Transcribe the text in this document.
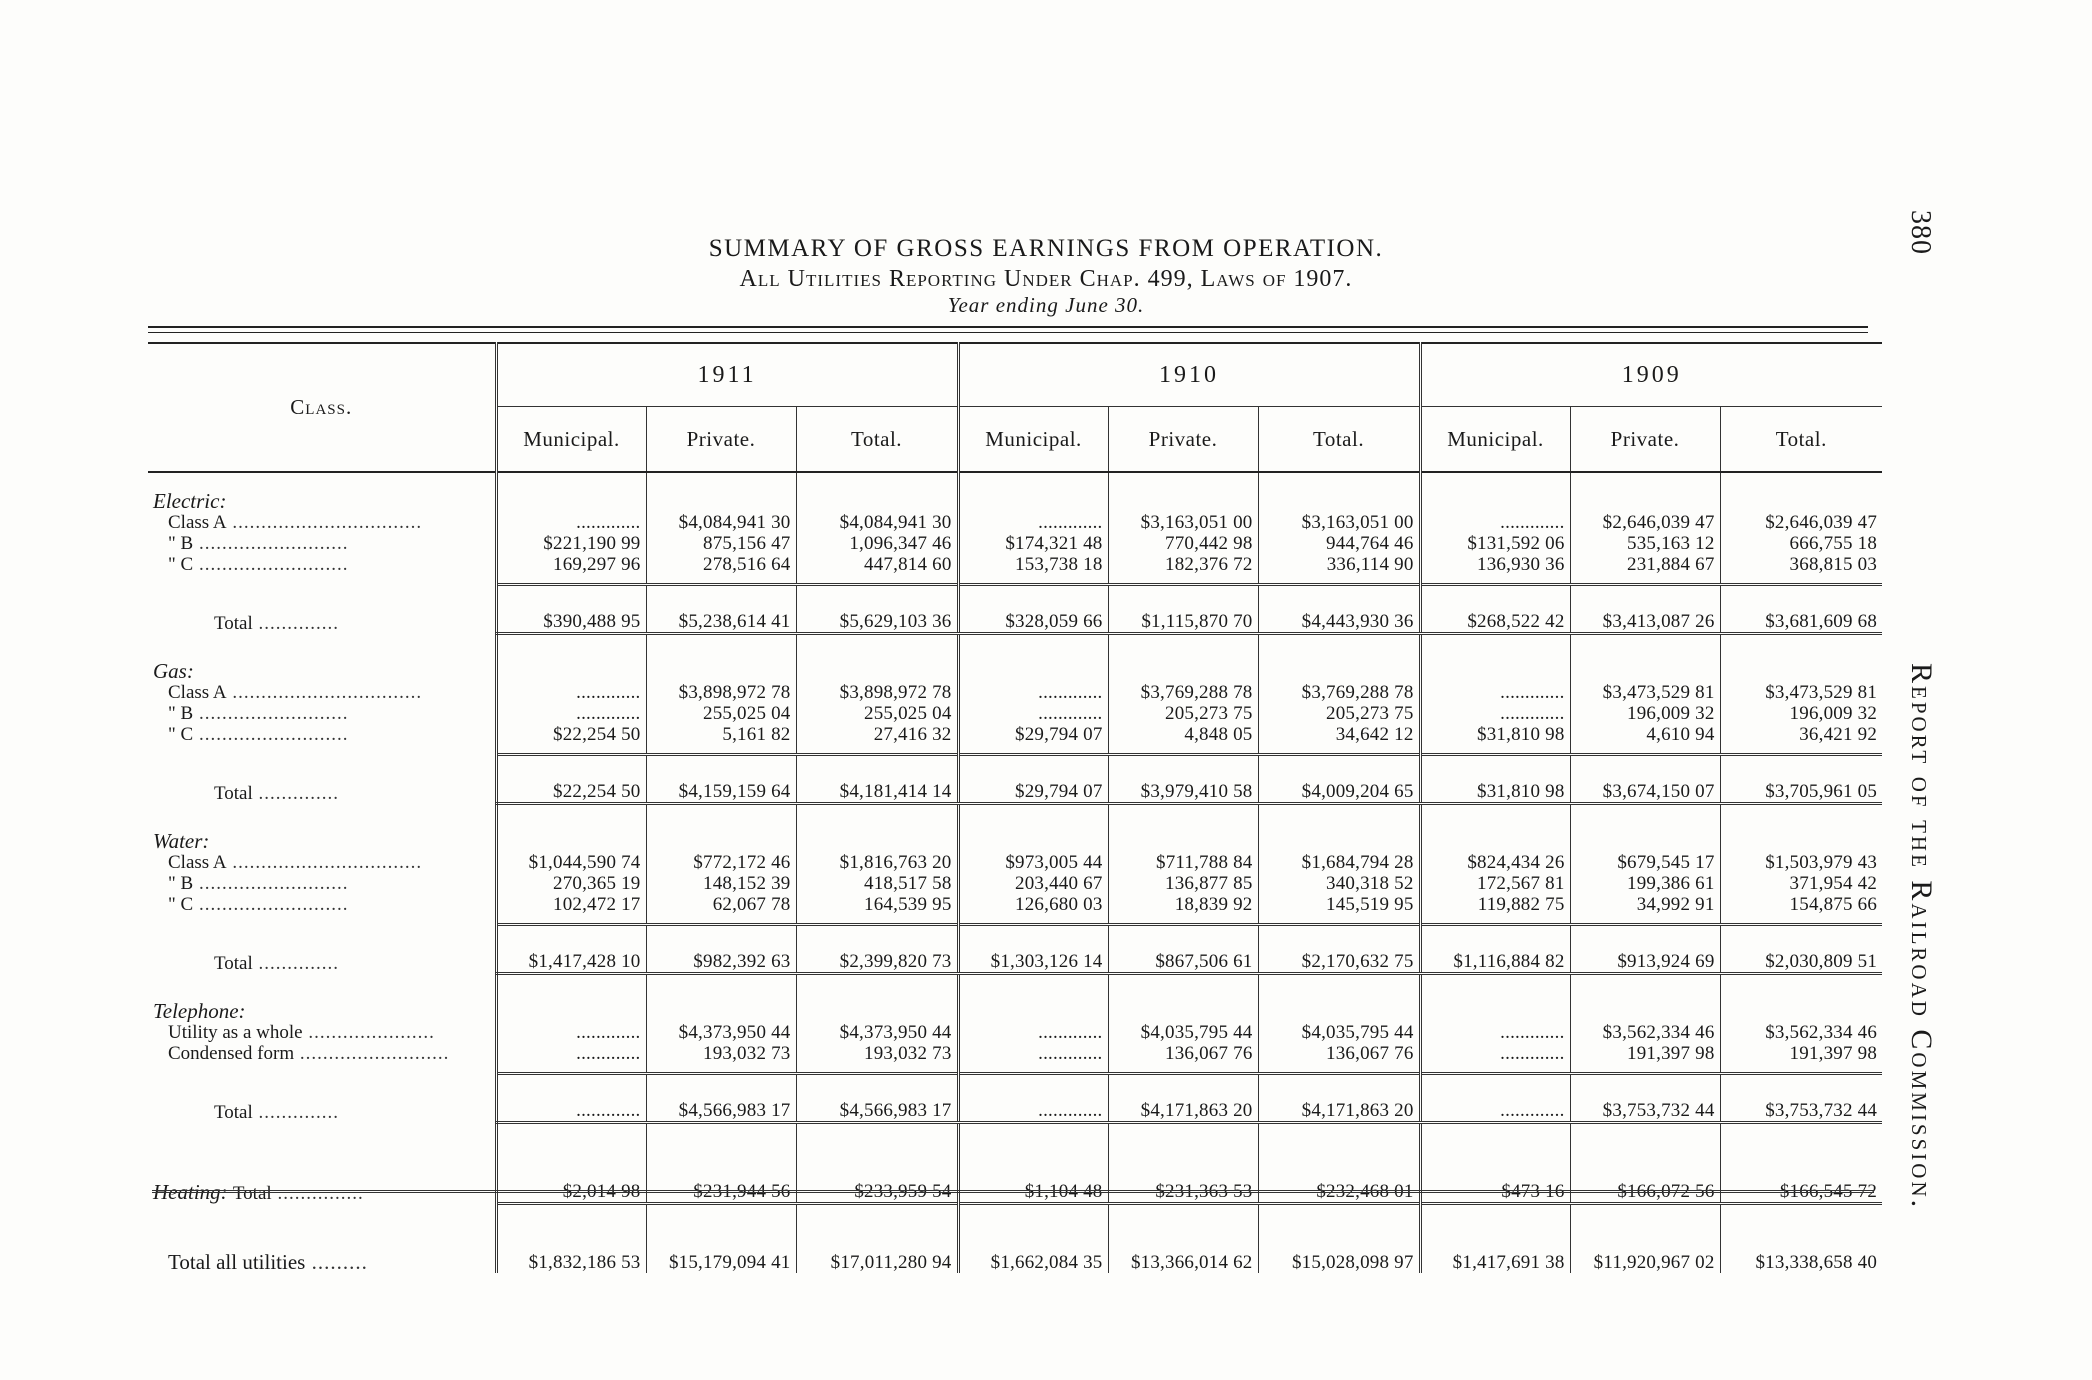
SUMMARY OF GROSS EARNINGS FROM OPERATION.
All Utilities Reporting Under Chap. 499, Laws of 1907.
Year ending June 30.
380 Report of the Railroad Commission.
Class.	1911			1910			1909		
	Municipal.	Private.	Total.	Municipal.	Private.	Total.	Municipal.	Private.	Total.
Electric:									
Class A .................................	.............	$4,084,941 30	$4,084,941 30	.............	$3,163,051 00	$3,163,051 00	.............	$2,646,039 47	$2,646,039 47
" B ..........................	$221,190 99	875,156 47	1,096,347 46	$174,321 48	770,442 98	944,764 46	$131,592 06	535,163 12	666,755 18
" C ..........................	169,297 96	278,516 64	447,814 60	153,738 18	182,376 72	336,114 90	136,930 36	231,884 67	368,815 03

Total ..............	$390,488 95	$5,238,614 41	$5,629,103 36	$328,059 66	$1,115,870 70	$4,443,930 36	$268,522 42	$3,413,087 26	$3,681,609 68

Gas:									
Class A .................................	.............	$3,898,972 78	$3,898,972 78	.............	$3,769,288 78	$3,769,288 78	.............	$3,473,529 81	$3,473,529 81
" B ..........................	.............	255,025 04	255,025 04	.............	205,273 75	205,273 75	.............	196,009 32	196,009 32
" C ..........................	$22,254 50	5,161 82	27,416 32	$29,794 07	4,848 05	34,642 12	$31,810 98	4,610 94	36,421 92

Total ..............	$22,254 50	$4,159,159 64	$4,181,414 14	$29,794 07	$3,979,410 58	$4,009,204 65	$31,810 98	$3,674,150 07	$3,705,961 05

Water:									
Class A .................................	$1,044,590 74	$772,172 46	$1,816,763 20	$973,005 44	$711,788 84	$1,684,794 28	$824,434 26	$679,545 17	$1,503,979 43
" B ..........................	270,365 19	148,152 39	418,517 58	203,440 67	136,877 85	340,318 52	172,567 81	199,386 61	371,954 42
" C ..........................	102,472 17	62,067 78	164,539 95	126,680 03	18,839 92	145,519 95	119,882 75	34,992 91	154,875 66

Total ..............	$1,417,428 10	$982,392 63	$2,399,820 73	$1,303,126 14	$867,506 61	$2,170,632 75	$1,116,884 82	$913,924 69	$2,030,809 51

Telephone:									
Utility as a whole ......................	.............	$4,373,950 44	$4,373,950 44	.............	$4,035,795 44	$4,035,795 44	.............	$3,562,334 46	$3,562,334 46
Condensed form ..........................	.............	193,032 73	193,032 73	.............	136,067 76	136,067 76	.............	191,397 98	191,397 98

Total ..............	.............	$4,566,983 17	$4,566,983 17	.............	$4,171,863 20	$4,171,863 20	.............	$3,753,732 44	$3,753,732 44

Heating: Total ...............	$2,014 98	$231,944 56	$233,959 54	$1,104 48	$231,363 53	$232,468 01	$473 16	$166,072 56	$166,545 72
Total all utilities .........	$1,832,186 53	$15,179,094 41	$17,011,280 94	$1,662,084 35	$13,366,014 62	$15,028,098 97	$1,417,691 38	$11,920,967 02	$13,338,658 40
